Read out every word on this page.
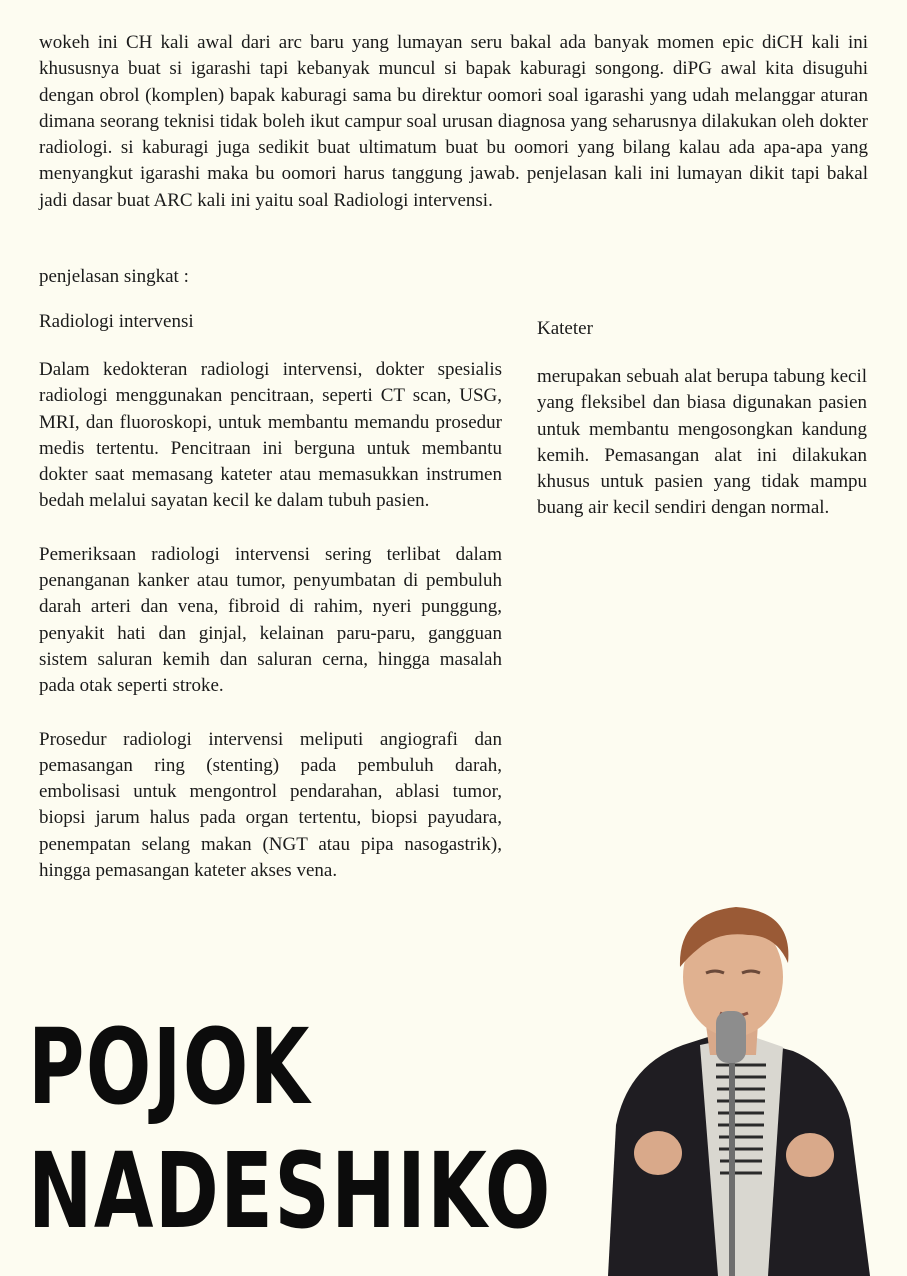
wokeh ini CH kali awal dari arc baru yang lumayan seru bakal ada banyak momen epic diCH kali ini khususnya buat si igarashi tapi kebanyak muncul si bapak kaburagi songong. diPG awal kita disuguhi dengan obrol (komplen) bapak kaburagi sama bu direktur oomori soal igarashi yang udah melanggar aturan dimana seorang teknisi tidak boleh ikut campur soal urusan diagnosa yang seharusnya dilakukan oleh dokter radiologi. si kaburagi juga sedikit buat ultimatum buat bu oomori yang bilang kalau ada apa-apa yang menyangkut igarashi maka bu oomori harus tanggung jawab. penjelasan kali ini lumayan dikit tapi bakal jadi dasar buat ARC kali ini yaitu soal Radiologi intervensi.

penjelasan singkat :

Radiologi intervensi

Dalam kedokteran radiologi intervensi, dokter spesialis radiologi menggunakan pencitraan, seperti CT scan, USG, MRI, dan fluoroskopi, untuk membantu memandu prosedur medis tertentu. Pencitraan ini berguna untuk membantu dokter saat memasang kateter atau memasukkan instrumen bedah melalui sayatan kecil ke dalam tubuh pasien.

Pemeriksaan radiologi intervensi sering terlibat dalam penanganan kanker atau tumor, penyumbatan di pembuluh darah arteri dan vena, fibroid di rahim, nyeri punggung, penyakit hati dan ginjal, kelainan paru-paru, gangguan sistem saluran kemih dan saluran cerna, hingga masalah pada otak seperti stroke.

Prosedur radiologi intervensi meliputi angiografi dan pemasangan ring (stenting) pada pembuluh darah, embolisasi untuk mengontrol pendarahan, ablasi tumor, biopsi jarum halus pada organ tertentu, biopsi payudara, penempatan selang makan (NGT atau pipa nasogastrik), hingga pemasangan kateter akses vena.

Kateter

merupakan sebuah alat berupa tabung kecil yang fleksibel dan biasa digunakan pasien untuk membantu mengosongkan kandung kemih. Pemasangan alat ini dilakukan khusus untuk pasien yang tidak mampu buang air kecil sendiri dengan normal.

POJOK
NADESHIKO
